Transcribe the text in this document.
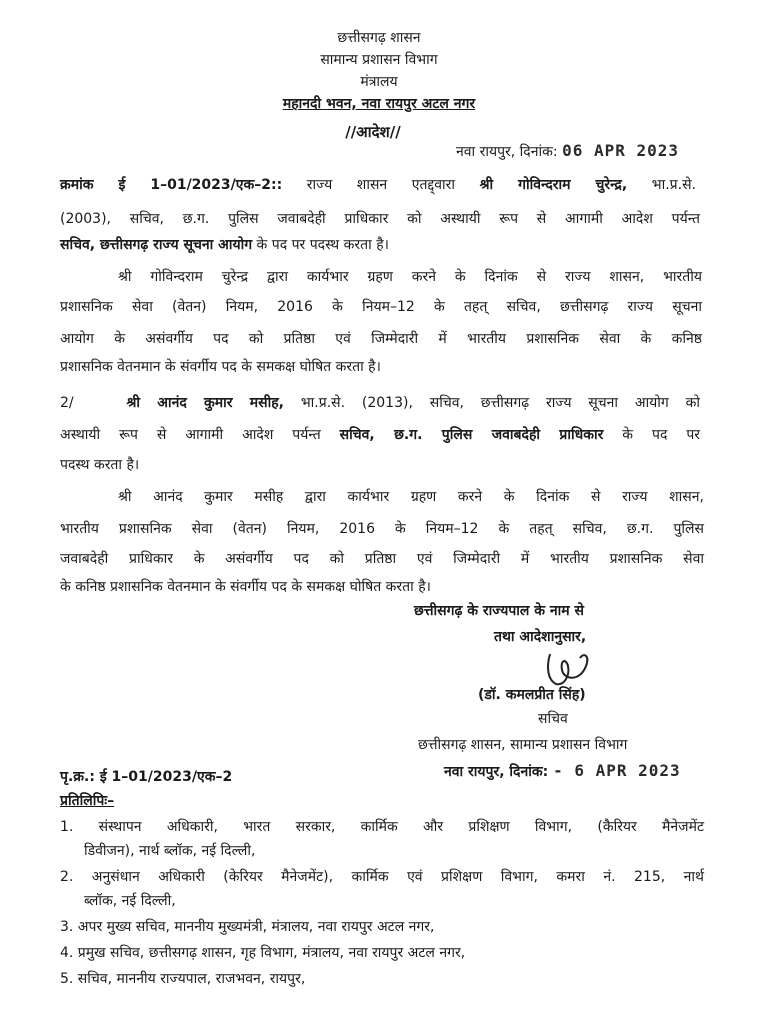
छत्तीसगढ़ शासन
सामान्य प्रशासन विभाग
मंत्रालय
महानदी भवन, नवा रायपुर अटल नगर
//आदेश//
नवा रायपुर, दिनांक: 06 APR 2023
क्रमांक ई 1–01/2023/एक–2:: राज्य शासन एतद्द्वारा श्री गोविन्दराम चुरेन्द्र, भा.प्र.से.
(2003), सचिव, छ.ग. पुलिस जवाबदेही प्राधिकार को अस्थायी रूप से आगामी आदेश पर्यन्त
सचिव, छत्तीसगढ़ राज्य सूचना आयोग के पद पर पदस्थ करता है।
श्री गोविन्दराम चुरेन्द्र द्वारा कार्यभार ग्रहण करने के दिनांक से राज्य शासन, भारतीय
प्रशासनिक सेवा (वेतन) नियम, 2016 के नियम–12 के तहत् सचिव, छत्तीसगढ़ राज्य सूचना
आयोग के असंवर्गीय पद को प्रतिष्ठा एवं जिम्मेदारी में भारतीय प्रशासनिक सेवा के कनिष्ठ
प्रशासनिक वेतनमान के संवर्गीय पद के समकक्ष घोषित करता है।
2/	श्री आनंद कुमार मसीह, भा.प्र.से. (2013), सचिव, छत्तीसगढ़ राज्य सूचना आयोग को
अस्थायी रूप से आगामी आदेश पर्यन्त सचिव, छ.ग. पुलिस जवाबदेही प्राधिकार के पद पर
पदस्थ करता है।
श्री आनंद कुमार मसीह द्वारा कार्यभार ग्रहण करने के दिनांक से राज्य शासन,
भारतीय प्रशासनिक सेवा (वेतन) नियम, 2016 के नियम–12 के तहत् सचिव, छ.ग. पुलिस
जवाबदेही प्राधिकार के असंवर्गीय पद को प्रतिष्ठा एवं जिम्मेदारी में भारतीय प्रशासनिक सेवा
के कनिष्ठ प्रशासनिक वेतनमान के संवर्गीय पद के समकक्ष घोषित करता है।
छत्तीसगढ़ के राज्यपाल के नाम से
तथा आदेशानुसार,
(डॉ. कमलप्रीत सिंह)
सचिव
छत्तीसगढ़ शासन, सामान्य प्रशासन विभाग
पृ.क्र.: ई 1–01/2023/एक–2	नवा रायपुर, दिनांक: - 6 APR 2023
प्रतिलिपिः–
1. संस्थापन अधिकारी, भारत सरकार, कार्मिक और प्रशिक्षण विभाग, (कैरियर मैनेजमेंट
डिवीजन), नार्थ ब्लॉक, नई दिल्ली,
2. अनुसंधान अधिकारी (केरियर मैनेजमेंट), कार्मिक एवं प्रशिक्षण विभाग, कमरा नं. 215, नार्थ
ब्लॉक, नई दिल्ली,
3. अपर मुख्य सचिव, माननीय मुख्यमंत्री, मंत्रालय, नवा रायपुर अटल नगर,
4. प्रमुख सचिव, छत्तीसगढ़ शासन, गृह विभाग, मंत्रालय, नवा रायपुर अटल नगर,
5. सचिव, माननीय राज्यपाल, राजभवन, रायपुर,
